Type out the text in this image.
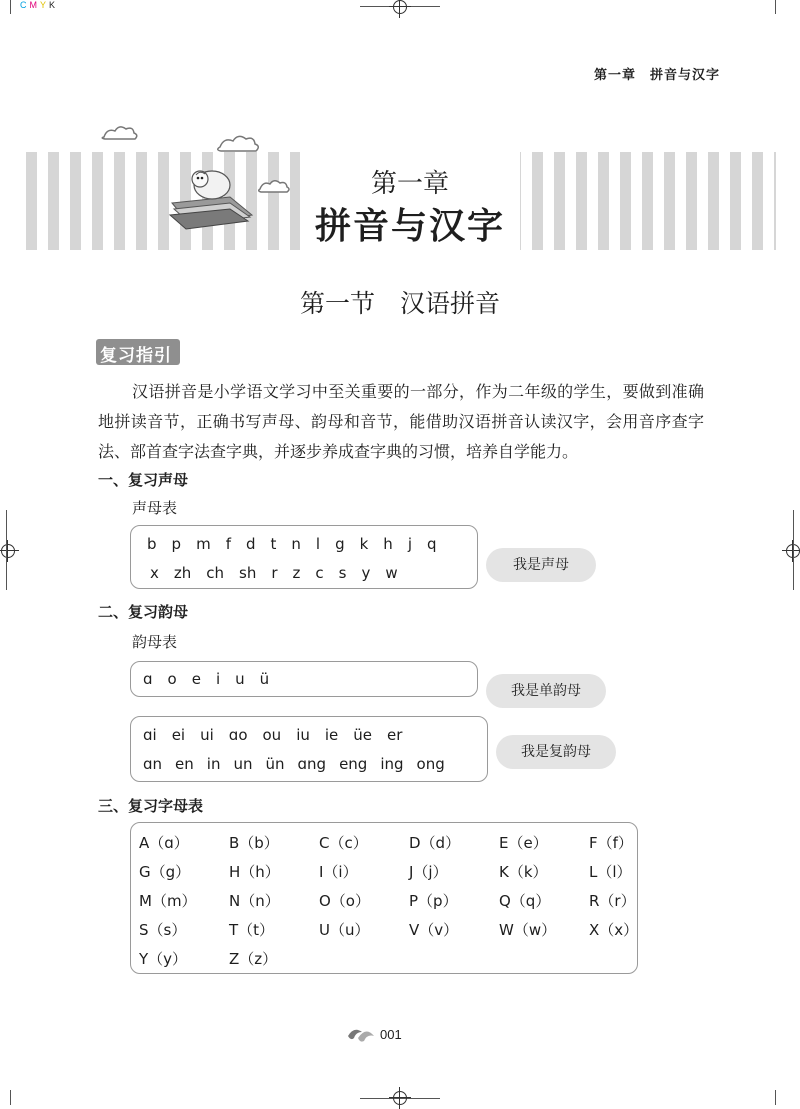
CMYK
第一章　拼音与汉字
第一章
拼音与汉字
第一节　汉语拼音
复习指引
汉语拼音是小学语文学习中至关重要的一部分，作为二年级的学生，要做到准确地拼读音节，正确书写声母、韵母和音节，能借助汉语拼音认读汉字，会用音序查字法、部首查字法查字典，并逐步养成查字典的习惯，培养自学能力。
一、复习声母
声母表
b p m f d t n l g k h j q
x zh ch sh r z c s y w	我是声母
二、复习韵母
韵母表
ɑ o e i u ü
我是单韵母
ɑi ei ui ɑo ou iu ie üe er
ɑn en in un ün ɑng eng ing ong
我是复韵母
三、复习字母表
A（ɑ）	B（b）	C（c）	D（d）	E（e）	F（f）
G（g）	H（h）	I（i）	J（j）	K（k）	L（l）
M（m） N（n）	O（o）	P（p）	Q（q）	R（r）
S（s）	T（t）	U（u）	V（v）	W（w） X（x）
Y（y）	Z（z）
001
